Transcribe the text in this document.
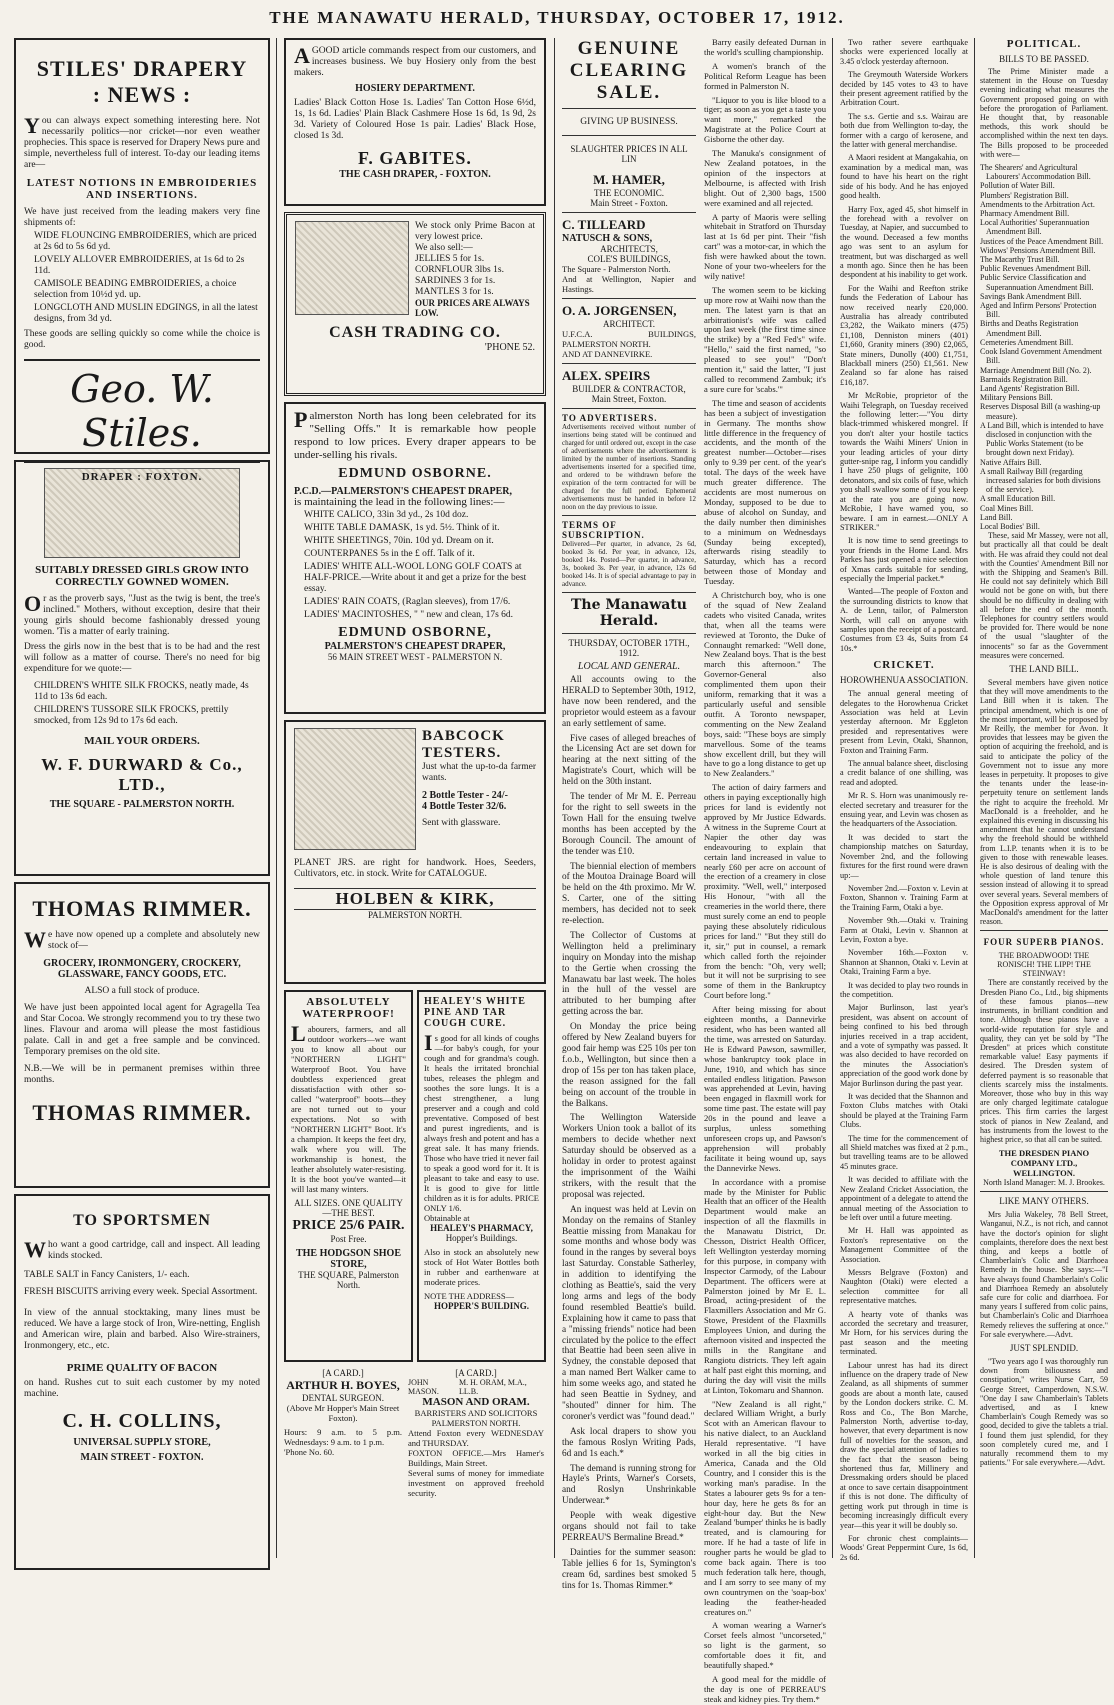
THE MANAWATU HERALD, THURSDAY, OCTOBER 17, 1912.
STILES' DRAPERY
: NEWS :
You can always expect something interesting here. Not necessarily politics—nor cricket—nor even weather prophecies. This space is reserved for Drapery News pure and simple, nevertheless full of interest. To-day our leading items are—
LATEST NOTIONS IN EMBROIDERIES AND INSERTIONS.
We have just received from the leading makers very fine shipments of:
WIDE FLOUNCING EMBROIDERIES, which are priced at 2s 6d to 5s 6d yd.
LOVELY ALLOVER EMBROIDERIES, at 1s 6d to 2s 11d.
CAMISOLE BEADING EMBROIDERIES, a choice selection from 10½d yd. up.
LONGCLOTH AND MUSLIN EDGINGS, in all the latest designs, from 3d yd.
These goods are selling quickly so come while the choice is good.
Geo. W. Stiles.
DRAPER : FOXTON.
SUITABLY DRESSED GIRLS GROW INTO
CORRECTLY GOWNED WOMEN.
Or as the proverb says, "Just as the twig is bent, the tree's inclined." Mothers, without exception, desire that their young girls should become fashionably dressed young women. 'Tis a matter of early training.
Dress the girls now in the best that is to be had and the rest will follow as a matter of course. There's no need for big expenditure for we quote:—
CHILDREN'S WHITE SILK FROCKS, neatly made, 4s 11d to 13s 6d each.
CHILDREN'S TUSSORE SILK FROCKS, prettily smocked, from 12s 9d to 17s 6d each.
MAIL YOUR ORDERS.
W. F. DURWARD & Co., LTD.,
THE SQUARE - PALMERSTON NORTH.
THOMAS RIMMER.
We have now opened up a complete and absolutely new stock of—
GROCERY, IRONMONGERY, CROCKERY, GLASSWARE, FANCY GOODS, ETC.
ALSO a full stock of produce.
We have just been appointed local agent for Agragella Tea and Star Cocoa. We strongly recommend you to try these two lines. Flavour and aroma will please the most fastidious palate. Call in and get a free sample and be convinced. Temporary premises on the old site.
N.B.—We will be in permanent premises within three months.
THOMAS RIMMER.
TO SPORTSMEN
Who want a good cartridge, call and inspect. All leading kinds stocked.
TABLE SALT in Fancy Canisters, 1/- each.
FRESH BISCUITS arriving every week. Special Assortment.
In view of the annual stocktaking, many lines must be reduced. We have a large stock of Iron, Wire-netting, English and American wire, plain and barbed. Also Wire-strainers, Ironmongery, etc., etc.
PRIME QUALITY OF BACON
on hand. Rushes cut to suit each customer by my noted machine.
C. H. COLLINS,
UNIVERSAL SUPPLY STORE,
MAIN STREET - FOXTON.
AGOOD article commands respect from our customers, and increases business. We buy Hosiery only from the best makers.
HOSIERY DEPARTMENT.
Ladies' Black Cotton Hose 1s. Ladies' Tan Cotton Hose 6½d, 1s, 1s 6d. Ladies' Plain Black Cashmere Hose 1s 6d, 1s 9d, 2s 3d. Variety of Coloured Hose 1s pair. Ladies' Black Hose, closed 1s 3d.
F. GABITES.
THE CASH DRAPER, - FOXTON.
We stock only Prime Bacon at very lowest price.
We also sell:—
JELLIES 5 for 1s.
CORNFLOUR 3lbs 1s.
SARDINES 3 for 1s.
MANTLES 3 for 1s.
OUR PRICES ARE ALWAYS LOW.
CASH TRADING CO.
'PHONE 52.
Palmerston North has long been celebrated for its "Selling Offs." It is remarkable how people respond to low prices. Every draper appears to be under-selling his rivals.
EDMUND OSBORNE.
P.C.D.—PALMERSTON'S CHEAPEST DRAPER,
is maintaining the lead in the following lines:—
WHITE CALICO, 33in 3d yd., 2s 10d doz.
WHITE TABLE DAMASK, 1s yd. 5½. Think of it.
WHITE SHEETINGS, 70in. 10d yd. Dream on it.
COUNTERPANES 5s in the £ off. Talk of it.
LADIES' WHITE ALL-WOOL LONG GOLF COATS at HALF-PRICE.—Write about it and get a prize for the best essay.
LADIES' RAIN COATS, (Raglan sleeves), from 17/6.
LADIES' MACINTOSHES, " " new and clean, 17s 6d.
EDMUND OSBORNE,
PALMERSTON'S CHEAPEST DRAPER,
56 MAIN STREET WEST - PALMERSTON N.
BABCOCK TESTERS.
Just what the up-to-da farmer wants.
2 Bottle Tester - 24/-
4 Bottle Tester 32/6.
Sent with glassware.
PLANET JRS. are right for handwork. Hoes, Seeders, Cultivators, etc. in stock. Write for CATALOGUE.
HOLBEN & KIRK,
PALMERSTON NORTH.
ABSOLUTELY WATERPROOF!
Labourers, farmers, and all outdoor workers—we want you to know all about our "NORTHERN LIGHT" Waterproof Boot. You have doubtless experienced great dissatisfaction with other so-called "waterproof" boots—they are not turned out to your expectations. Not so with "NORTHERN LIGHT" Boot. It's a champion. It keeps the feet dry, walk where you will. The workmanship is honest, the leather absolutely water-resisting. It is the boot you've wanted—it will last many winters.
ALL SIZES. ONE QUALITY—THE BEST.
PRICE 25/6 PAIR.
Post Free.
THE HODGSON SHOE STORE,
THE SQUARE, Palmerston North.
HEALEY'S WHITE PINE AND TAR COUGH CURE.
Is good for all kinds of coughs—for baby's cough, for your cough and for grandma's cough. It heals the irritated bronchial tubes, releases the phlegm and soothes the sore lungs. It is a chest strengthener, a lung preserver and a cough and cold preventative. Composed of best and purest ingredients, and is always fresh and potent and has a great sale. It has many friends. Those who have tried it never fail to speak a good word for it. It is pleasant to take and easy to use. It is good to give for little children as it is for adults. PRICE ONLY 1/6.
Obtainable at
HEALEY'S PHARMACY,
Hopper's Buildings.
Also in stock an absolutely new stock of Hot Water Bottles both in rubber and earthenware at moderate prices.
NOTE THE ADDRESS—
HOPPER'S BUILDING.
[A CARD.]
ARTHUR H. BOYES,
DENTAL SURGEON.
(Above Mr Hopper's Main Street Foxton).
Hours: 9 a.m. to 5 p.m. Wednesdays: 9 a.m. to 1 p.m.
'Phone No. 60.
[A CARD.]
JOHN MASON.
M. H. ORAM, M.A., LL.B.
MASON AND ORAM.
BARRISTERS AND SOLICITORS PALMERSTON NORTH.
Attend Foxton every WEDNESDAY and THURSDAY.
FOXTON OFFICE.—Mrs Hamer's Buildings, Main Street.
Several sums of money for immediate investment on approved freehold security.
GENUINE
CLEARING
SALE.
GIVING UP BUSINESS.
SLAUGHTER PRICES IN ALL LIN
M. HAMER,
THE ECONOMIC.
Main Street - Foxton.
C. TILLEARD
NATUSCH & SONS,
ARCHITECTS,
COLE'S BUILDINGS,
The Square - Palmerston North.
And at Wellington, Napier and Hastings.
O. A. JORGENSEN,
ARCHITECT.
U.F.C.A. BUILDINGS, PALMERSTON NORTH.
AND AT DANNEVIRKE.
ALEX. SPEIRS
BUILDER & CONTRACTOR,
Main Street, Foxton.
TO ADVERTISERS.
Advertisements received without number of insertions being stated will be continued and charged for until ordered out, except in the case of advertisements where the advertisement is limited by the number of insertions. Standing advertisements inserted for a specified time, and ordered to be withdrawn before the expiration of the term contracted for will be charged for the full period. Ephemeral advertisements must be handed in before 12 noon on the day previous to issue.
TERMS OF SUBSCRIPTION.
Delivered—Per quarter, in advance, 2s 6d, booked 3s 6d. Per year, in advance, 12s, booked 14s. Posted—Per quarter, in advance, 3s, booked 3s. Per year, in advance, 12s 6d booked 14s. It is of special advantage to pay in advance.
The Manawatu Herald.
THURSDAY, OCTOBER 17TH., 1912.
LOCAL AND GENERAL.
All accounts owing to the HERALD to September 30th, 1912, have now been rendered, and the proprietor would esteem as a favour an early settlement of same.
Five cases of alleged breaches of the Licensing Act are set down for hearing at the next sitting of the Magistrate's Court, which will be held on the 30th instant.
The tender of Mr M. E. Perreau for the right to sell sweets in the Town Hall for the ensuing twelve months has been accepted by the Borough Council. The amount of the tender was £10.
The biennial election of members of the Moutoa Drainage Board will be held on the 4th proximo. Mr W. S. Carter, one of the sitting members, has decided not to seek re-election.
The Collector of Customs at Wellington held a preliminary inquiry on Monday into the mishap to the Gertie when crossing the Manawatu bar last week. The holes in the hull of the vessel are attributed to her bumping after getting across the bar.
On Monday the price being offered by New Zealand buyers for good fair hemp was £25 10s per ton f.o.b., Wellington, but since then a drop of 15s per ton has taken place, the reason assigned for the fall being on account of the trouble in the Balkans.
The Wellington Waterside Workers Union took a ballot of its members to decide whether next Saturday should be observed as a holiday in order to protest against the imprisonment of the Waihi strikers, with the result that the proposal was rejected.
An inquest was held at Levin on Monday on the remains of Stanley Beattie missing from Manakau for some months and whose body was found in the ranges by several boys last Saturday. Constable Satherley, in addition to identifying the clothing as Beattie's, said the very long arms and legs of the body found resembled Beattie's build. Explaining how it came to pass that a "missing friends" notice had been circulated by the police to the effect that Beattie had been seen alive in Sydney, the constable deposed that a man named Bert Walker came to him some weeks ago, and stated he had seen Beattie in Sydney, and "shouted" dinner for him. The coroner's verdict was "found dead."
Ask local drapers to show you the famous Roslyn Writing Pads, 6d and 1s each.*
The demand is running strong for Hayle's Prints, Warner's Corsets, and Roslyn Unshrinkable Underwear.*
People with weak digestive organs should not fail to take PERREAU'S Bermaline Bread.*
Dainties for the summer season: Table jellies 6 for 1s, Symington's cream 6d, sardines best smoked 5 tins for 1s. Thomas Rimmer.*
Barry easily defeated Durnan in the world's sculling championship.
A women's branch of the Political Reform League has been formed in Palmerston N.
"Liquor to you is like blood to a tiger; as soon as you get a taste you want more," remarked the Magistrate at the Police Court at Gisborne the other day.
The Manuka's consignment of New Zealand potatoes, in the opinion of the inspectors at Melbourne, is affected with Irish blight. Out of 2,300 bags, 1500 were examined and all rejected.
A party of Maoris were selling whitebait in Stratford on Thursday last at 1s 6d per pint. Their "fish cart" was a motor-car, in which the fish were hawked about the town. None of your two-wheelers for the wily native!
The women seem to be kicking up more row at Waihi now than the men. The latest yarn is that an arbitrationist's wife was called upon last week (the first time since the strike) by a "Red Fed's" wife. "Hello," said the first named, "so pleased to see you!" "Don't mention it," said the latter, "I just called to recommend Zambuk; it's a sure cure for 'scabs.'"
The time and season of accidents has been a subject of investigation in Germany. The months show little difference in the frequency of accidents, and the month of the greatest number—October—rises only to 9.39 per cent. of the year's total. The days of the week have much greater difference. The accidents are most numerous on Monday, supposed to be due to abuse of alcohol on Sunday, and the daily number then diminishes to a minimum on Wednesdays (Sunday being excepted), afterwards rising steadily to Saturday, which has a record between those of Monday and Tuesday.
A Christchurch boy, who is one of the squad of New Zealand cadets who visited Canada, writes that, when all the teams were reviewed at Toronto, the Duke of Connaught remarked: "Well done, New Zealand boys. That is the best march this afternoon." The Governor-General also complimented them upon their uniform, remarking that it was a particularly useful and sensible outfit. A Toronto newspaper, commenting on the New Zealand boys, said: "These boys are simply marvellous. Some of the teams show excellent drill, but they will have to go a long distance to get up to New Zealanders."
The action of dairy farmers and others in paying exceptionally high prices for land is evidently not approved by Mr Justice Edwards. A witness in the Supreme Court at Napier the other day was endeavouring to explain that certain land increased in value to nearly £60 per acre on account of the erection of a creamery in close proximity. "Well, well," interposed His Honour, "with all the creameries in the world there, there must surely come an end to people paying these absolutely ridiculous prices for land." "But they still do it, sir," put in counsel, a remark which called forth the rejoinder from the bench: "Oh, very well; but it will not be surprising to see some of them in the Bankruptcy Court before long."
After being missing for about eighteen months, a Dannevirke resident, who has been wanted all the time, was arrested on Saturday. He is Edward Pawson, sawmiller, whose bankruptcy took place in June, 1910, and which has since entailed endless litigation. Pawson was apprehended at Levin, having been engaged in flaxmill work for some time past. The estate will pay 20s in the pound and leave a surplus, unless something unforeseen crops up, and Pawson's apprehension will probably facilitate it being wound up, says the Dannevirke News.
In accordance with a promise made by the Minister for Public Health that an officer of the Health Department would make an inspection of all the flaxmills in the Manawatu District, Dr. Chesson, District Health Officer, left Wellington yesterday morning for this purpose, in company with Inspector Carmody, of the Labour Department. The officers were at Palmerston joined by Mr E. L. Broad, acting-president of the Flaxmillers Association and Mr G. Stowe, President of the Flaxmills Employees Union, and during the afternoon visited and inspected the mills in the Rangitane and Rangiotu districts. They left again at half past eight this morning, and during the day will visit the mills at Linton, Tokomaru and Shannon.
"New Zealand is all right," declared William Wright, a burly Scot with an American flavour to his native dialect, to an Auckland Herald representative. "I have worked in all the big cities in America, Canada and the Old Country, and I consider this is the working man's paradise. In the States a labourer gets 9s for a ten-hour day, here he gets 8s for an eight-hour day. But the New Zealand 'bumper' thinks he is badly treated, and is clamouring for more. If he had a taste of life in rougher parts he would be glad to come back again. There is too much federation talk here, though, and I am sorry to see many of my own countrymen on the 'soap-box' leading the feather-headed creatures on."
A woman wearing a Warner's Corset feels almost "uncorseted," so light is the garment, so comfortable does it fit, and beautifully shaped.*
A good meal for the middle of the day is one of PERREAU'S steak and kidney pies. Try them.*
Two rather severe earthquake shocks were experienced locally at 3.45 o'clock yesterday afternoon.
The Greymouth Waterside Workers decided by 145 votes to 43 to have their present agreement ratified by the Arbitration Court.
The s.s. Gertie and s.s. Wairau are both due from Wellington to-day, the former with a cargo of kerosene, and the latter with general merchandise.
A Maori resident at Mangakahia, on examination by a medical man, was found to have his heart on the right side of his body. And he has enjoyed good health.
Harry Fox, aged 45, shot himself in the forehead with a revolver on Tuesday, at Napier, and succumbed to the wound. Deceased a few months ago was sent to an asylum for treatment, but was discharged as well a month ago. Since then he has been despondent at his inability to get work.
For the Waihi and Reefton strike funds the Federation of Labour has now received nearly £20,000. Australia has already contributed £3,282, the Waikato miners (475) £1,108, Denniston miners (401) £1,660, Granity miners (390) £2,065, State miners, Dunolly (400) £1,751, Blackball miners (250) £1,561. New Zealand so far alone has raised £16,187.
Mr McRobie, proprietor of the Waihi Telegraph, on Tuesday received the following letter:—"You dirty black-trimmed whiskered mongrel. If you don't alter your hostile tactics towards the Waihi Miners' Union in your leading articles of your dirty gutter-snipe rag, I inform you candidly I have 250 plugs of gelignite, 100 detonators, and six coils of fuse, which you shall swallow some of if you keep at the rate you are going now. McRobie, I have warned you, so beware. I am in earnest.—ONLY A STRIKER."
It is now time to send greetings to your friends in the Home Land. Mrs Parkes has just opened a nice selection of Xmas cards suitable for sending, especially the Imperial packet.*
Wanted—The people of Foxton and the surrounding districts to know that A. de Lenn, tailor, of Palmerston North, will call on anyone with samples upon the receipt of a postcard. Costumes from £3 4s, Suits from £4 10s.*
CRICKET.
HOROWHENUA ASSOCIATION.
The annual general meeting of delegates to the Horowhenua Cricket Association was held at Levin yesterday afternoon. Mr Eggleton presided and representatives were present from Levin, Otaki, Shannon, Foxton and Training Farm.
The annual balance sheet, disclosing a credit balance of one shilling, was read and adopted.
Mr R. S. Horn was unanimously re-elected secretary and treasurer for the ensuing year, and Levin was chosen as the headquarters of the Association.
It was decided to start the championship matches on Saturday, November 2nd, and the following fixtures for the first round were drawn up:—
November 2nd.—Foxton v. Levin at Foxton, Shannon v. Training Farm at the Training Farm, Otaki a bye.
November 9th.—Otaki v. Training Farm at Otaki, Levin v. Shannon at Levin, Foxton a bye.
November 16th.—Foxton v. Shannon at Shannon, Otaki v. Levin at Otaki, Training Farm a bye.
It was decided to play two rounds in the competition.
Major Burlinson, last year's president, was absent on account of being confined to his bed through injuries received in a trap accident, and a vote of sympathy was passed. It was also decided to have recorded on the minutes the Association's appreciation of the good work done by Major Burlinson during the past year.
It was decided that the Shannon and Foxton Clubs matches with Otaki should be played at the Training Farm Clubs.
The time for the commencement of all Shield matches was fixed at 2 p.m., but travelling teams are to be allowed 45 minutes grace.
It was decided to affiliate with the New Zealand Cricket Association, the appointment of a delegate to attend the annual meeting of the Association to be left over until a future meeting.
Mr H. Hall was appointed as Foxton's representative on the Management Committee of the Association.
Messrs Belgrave (Foxton) and Naughton (Otaki) were elected a selection committee for all representative matches.
A hearty vote of thanks was accorded the secretary and treasurer, Mr Horn, for his services during the past season and the meeting terminated.
Labour unrest has had its direct influence on the drapery trade of New Zealand, as all shipments of summer goods are about a month late, caused by the London dockers strike. C. M. Ross and Co., The Bon Marche, Palmerston North, advertise to-day, however, that every department is now full of novelties for the season, and draw the special attention of ladies to the fact that the season being shortened thus far, Millinery and Dressmaking orders should be placed at once to save certain disappointment if this is not done. The difficulty of getting work put through in time is becoming increasingly difficult every year—this year it will be doubly so.
For chronic chest complaints—Woods' Great Peppermint Cure, 1s 6d, 2s 6d.
POLITICAL.
BILLS TO BE PASSED.
The Prime Minister made a statement in the House on Tuesday evening indicating what measures the Government proposed going on with before the prorogation of Parliament. He thought that, by reasonable methods, this work should be accomplished within the next ten days. The Bills proposed to be proceeded with were—
The Shearers' and Agricultural Labourers' Accommodation Bill.
Pollution of Water Bill.
Plumbers' Registration Bill.
Amendments to the Arbitration Act.
Pharmacy Amendment Bill.
Local Authorities' Superannuation Amendment Bill.
Justices of the Peace Amendment Bill.
Widows' Pensions Amendment Bill.
The Macarthy Trust Bill.
Public Revenues Amendment Bill.
Public Service Classification and Superannuation Amendment Bill.
Savings Bank Amendment Bill.
Aged and Infirm Persons' Protection Bill.
Births and Deaths Registration Amendment Bill.
Cemeteries Amendment Bill.
Cook Island Government Amendment Bill.
Marriage Amendment Bill (No. 2).
Barmaids Registration Bill.
Land Agents' Registration Bill.
Military Pensions Bill.
Reserves Disposal Bill (a washing-up measure).
A Land Bill, which is intended to have disclosed in conjunction with the Public Works Statement (to be brought down next Friday).
Native Affairs Bill.
A small Railway Bill (regarding increased salaries for both divisions of the service).
A small Education Bill.
Coal Mines Bill.
Land Bill.
Local Bodies' Bill.
These, said Mr Massey, were not all, but practically all that could be dealt with. He was afraid they could not deal with the Counties' Amendment Bill nor with the Shipping and Seamen's Bill. He could not say definitely which Bill would not be gone on with, but there should be no difficulty in dealing with all before the end of the month. Telephones for country settlers would be provided for. There would be none of the usual "slaughter of the innocents" so far as the Government measures were concerned.
THE LAND BILL.
Several members have given notice that they will move amendments to the Land Bill when it is taken. The principal amendment, which is one of the most important, will be proposed by Mr Reilly, the member for Avon. It provides that lessees may be given the option of acquiring the freehold, and is said to anticipate the policy of the Government not to issue any more leases in perpetuity. It proposes to give the tenants under the lease-in-perpetuity tenure on settlement lands the right to acquire the freehold. Mr MacDonald is a freeholder, and he explained this evening in discussing his amendment that he cannot understand why the freehold should be withheld from L.I.P. tenants when it is to be given to those with renewable leases. He is also desirous of dealing with the whole question of land tenure this session instead of allowing it to spread over several years. Several members of the Opposition express approval of Mr MacDonald's amendment for the latter reason.
FOUR SUPERB PIANOS.
THE BROADWOOD! THE RONISCH! THE LIPP! THE STEINWAY!
There are constantly received by the Dresden Piano Co., Ltd., big shipments of these famous pianos—new instruments, in brilliant condition and tone. Although these pianos have a world-wide reputation for style and quality, they can yet be sold by "The Dresden" at prices which constitute remarkable value! Easy payments if desired. The Dresden system of deferred payment is so reasonable that clients scarcely miss the instalments. Moreover, those who buy in this way are only charged legitimate catalogue prices. This firm carries the largest stock of pianos in New Zealand, and has instruments from the lowest to the highest price, so that all can be suited.
THE DRESDEN PIANO COMPANY LTD., WELLINGTON.
North Island Manager: M. J. Brookes.
LIKE MANY OTHERS.
Mrs Julia Wakeley, 78 Bell Street, Wanganui, N.Z., is not rich, and cannot have the doctor's opinion for slight complaints, therefore does the next best thing, and keeps a bottle of Chamberlain's Colic and Diarrhoea Remedy in the house. She says:—"I have always found Chamberlain's Colic and Diarrhoea Remedy an absolutely safe cure for colic and diarrhoea. For many years I suffered from colic pains, but Chamberlain's Colic and Diarrhoea Remedy relieves the suffering at once." For sale everywhere.—Advt.
JUST SPLENDID.
"Two years ago I was thoroughly run down from biliousness and constipation," writes Nurse Carr, 59 George Street, Camperdown, N.S.W. "One day I saw Chamberlain's Tablets advertised, and as I knew Chamberlain's Cough Remedy was so good, decided to give the tablets a trial. I found them just splendid, for they soon completely cured me, and I naturally recommend them to my patients." For sale everywhere.—Advt.
